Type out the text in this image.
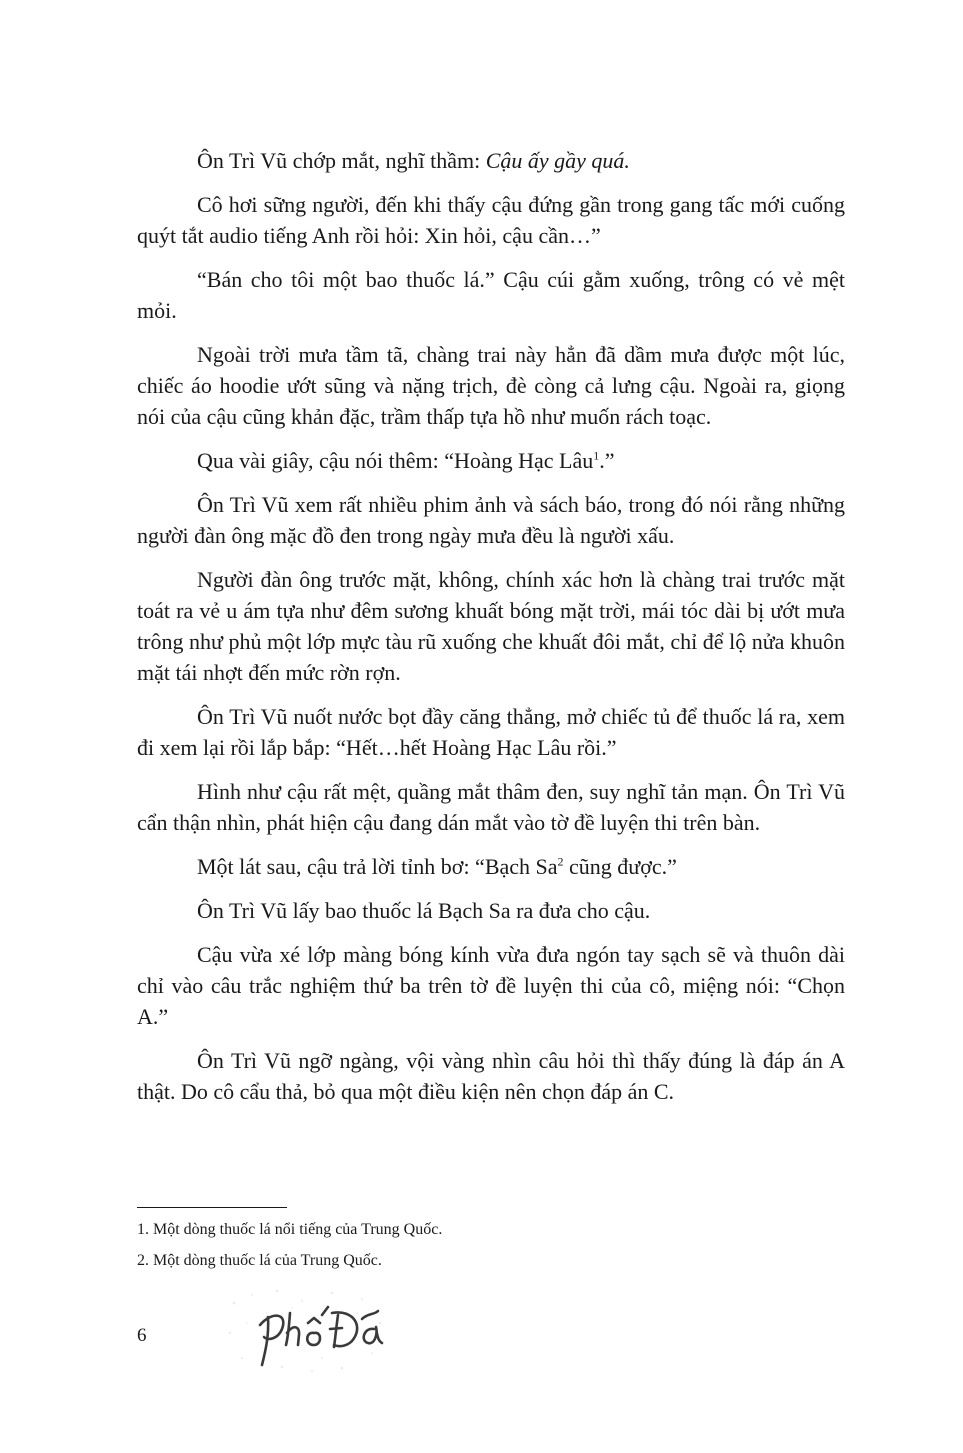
Ôn Trì Vũ chớp mắt, nghĩ thầm: Cậu ấy gầy quá.

Cô hơi sững người, đến khi thấy cậu đứng gần trong gang tấc mới cuống quýt tắt audio tiếng Anh rồi hỏi: Xin hỏi, cậu cần…”

“Bán cho tôi một bao thuốc lá.” Cậu cúi gằm xuống, trông có vẻ mệt mỏi.

Ngoài trời mưa tầm tã, chàng trai này hẳn đã dầm mưa được một lúc, chiếc áo hoodie ướt sũng và nặng trịch, đè còng cả lưng cậu. Ngoài ra, giọng nói của cậu cũng khản đặc, trầm thấp tựa hồ như muốn rách toạc.

Qua vài giây, cậu nói thêm: “Hoàng Hạc Lâu$^1$.”

Ôn Trì Vũ xem rất nhiều phim ảnh và sách báo, trong đó nói rằng những người đàn ông mặc đồ đen trong ngày mưa đều là người xấu.

Người đàn ông trước mặt, không, chính xác hơn là chàng trai trước mặt toát ra vẻ u ám tựa như đêm sương khuất bóng mặt trời, mái tóc dài bị ướt mưa trông như phủ một lớp mực tàu rũ xuống che khuất đôi mắt, chỉ để lộ nửa khuôn mặt tái nhợt đến mức rờn rợn.

Ôn Trì Vũ nuốt nước bọt đầy căng thẳng, mở chiếc tủ để thuốc lá ra, xem đi xem lại rồi lắp bắp: “Hết…hết Hoàng Hạc Lâu rồi.”

Hình như cậu rất mệt, quầng mắt thâm đen, suy nghĩ tản mạn. Ôn Trì Vũ cẩn thận nhìn, phát hiện cậu đang dán mắt vào tờ đề luyện thi trên bàn.

Một lát sau, cậu trả lời tỉnh bơ: “Bạch Sa$^2$ cũng được.”

Ôn Trì Vũ lấy bao thuốc lá Bạch Sa ra đưa cho cậu.

Cậu vừa xé lớp màng bóng kính vừa đưa ngón tay sạch sẽ và thuôn dài chỉ vào câu trắc nghiệm thứ ba trên tờ đề luyện thi của cô, miệng nói: “Chọn A.”

Ôn Trì Vũ ngỡ ngàng, vội vàng nhìn câu hỏi thì thấy đúng là đáp án A thật. Do cô cẩu thả, bỏ qua một điều kiện nên chọn đáp án C.

1. Một dòng thuốc lá nổi tiếng của Trung Quốc.

2. Một dòng thuốc lá của Trung Quốc.

6
